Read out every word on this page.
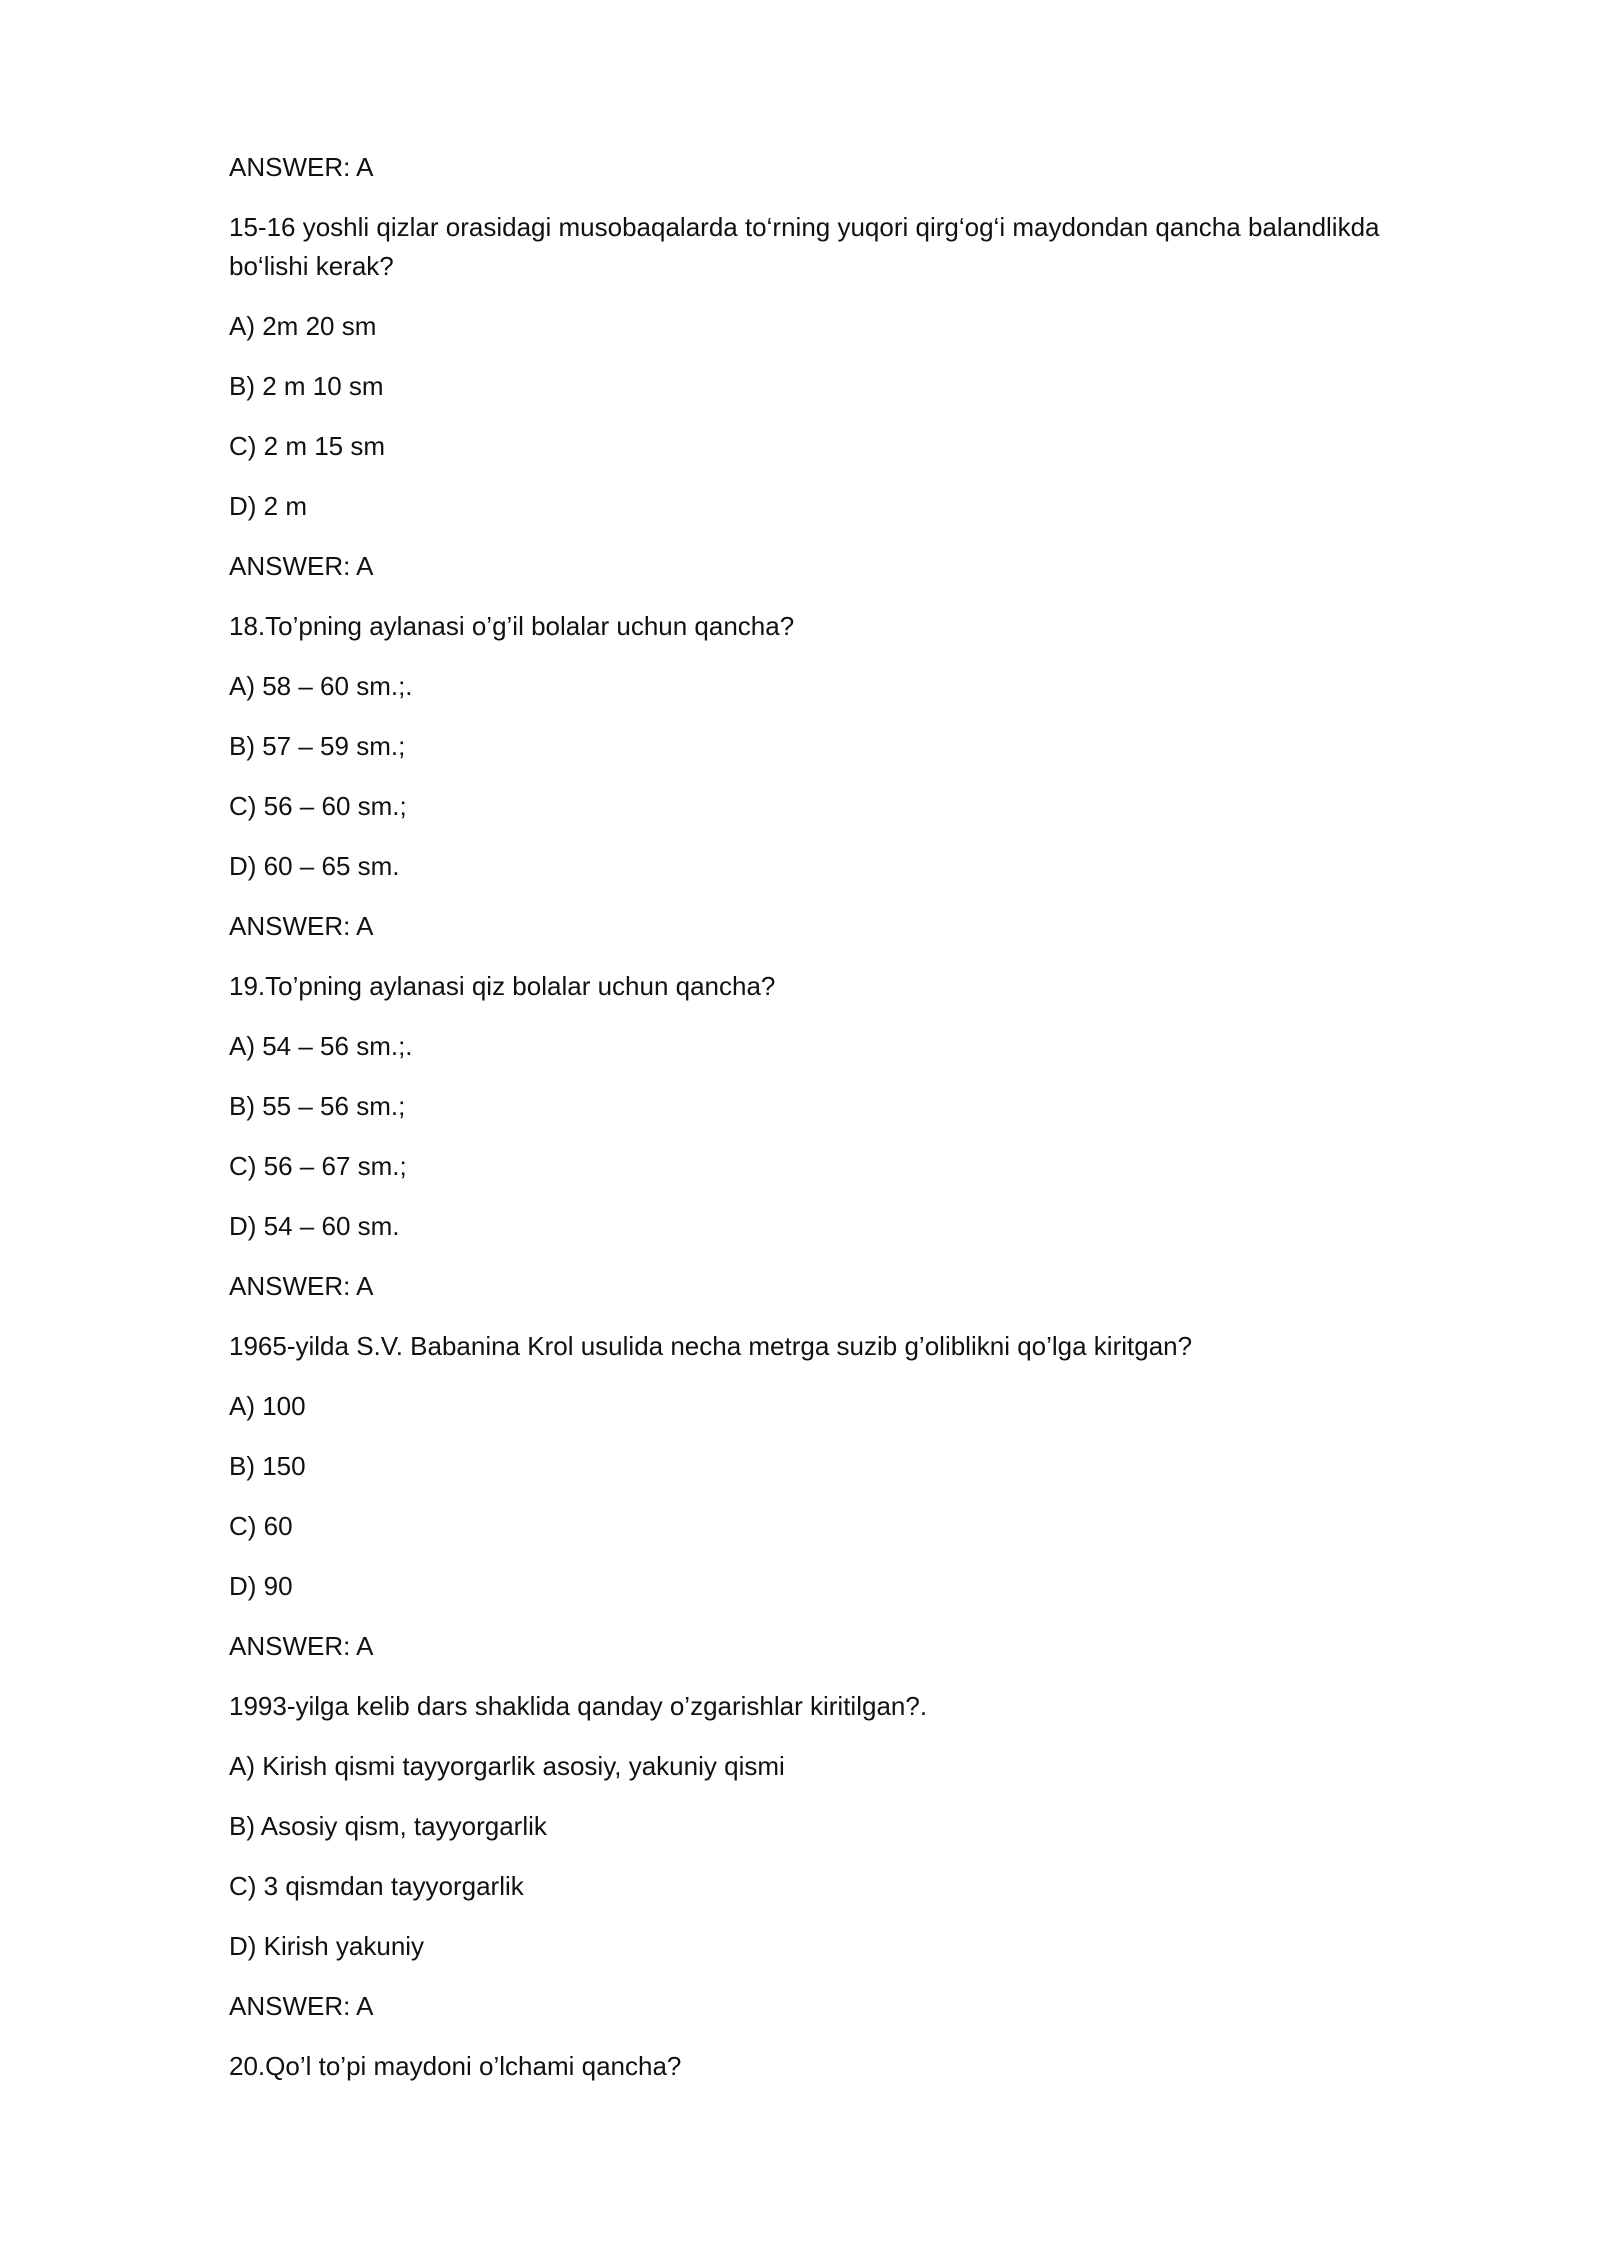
ANSWER: A

15-16 yoshli qizlar orasidagi musobaqalarda to‘rning yuqori qirg‘og‘i maydondan qancha balandlikda bo‘lishi kerak?

A) 2m 20 sm

B) 2 m 10 sm

C) 2 m 15 sm

D) 2 m

ANSWER: A

18.To’pning aylanasi o’g’il bolalar uchun qancha?

A) 58 – 60 sm.;.

B) 57 – 59 sm.;

C) 56 – 60 sm.;

D) 60 – 65 sm.

ANSWER: A

19.To’pning aylanasi qiz bolalar uchun qancha?

A) 54 – 56 sm.;.

B) 55 – 56 sm.;

C) 56 – 67 sm.;

D) 54 – 60 sm.

ANSWER: A

1965-yilda S.V. Babanina Krol usulida necha metrga suzib g’oliblikni qo’lga kiritgan?

A) 100

B) 150

C) 60

D) 90

ANSWER: A

1993-yilga kelib dars shaklida qanday o’zgarishlar kiritilgan?.

A) Kirish qismi tayyorgarlik asosiy, yakuniy qismi

B) Asosiy qism, tayyorgarlik

C) 3 qismdan tayyorgarlik

D) Kirish yakuniy

ANSWER: A

20.Qo’l to’pi maydoni o’lchami qancha?
